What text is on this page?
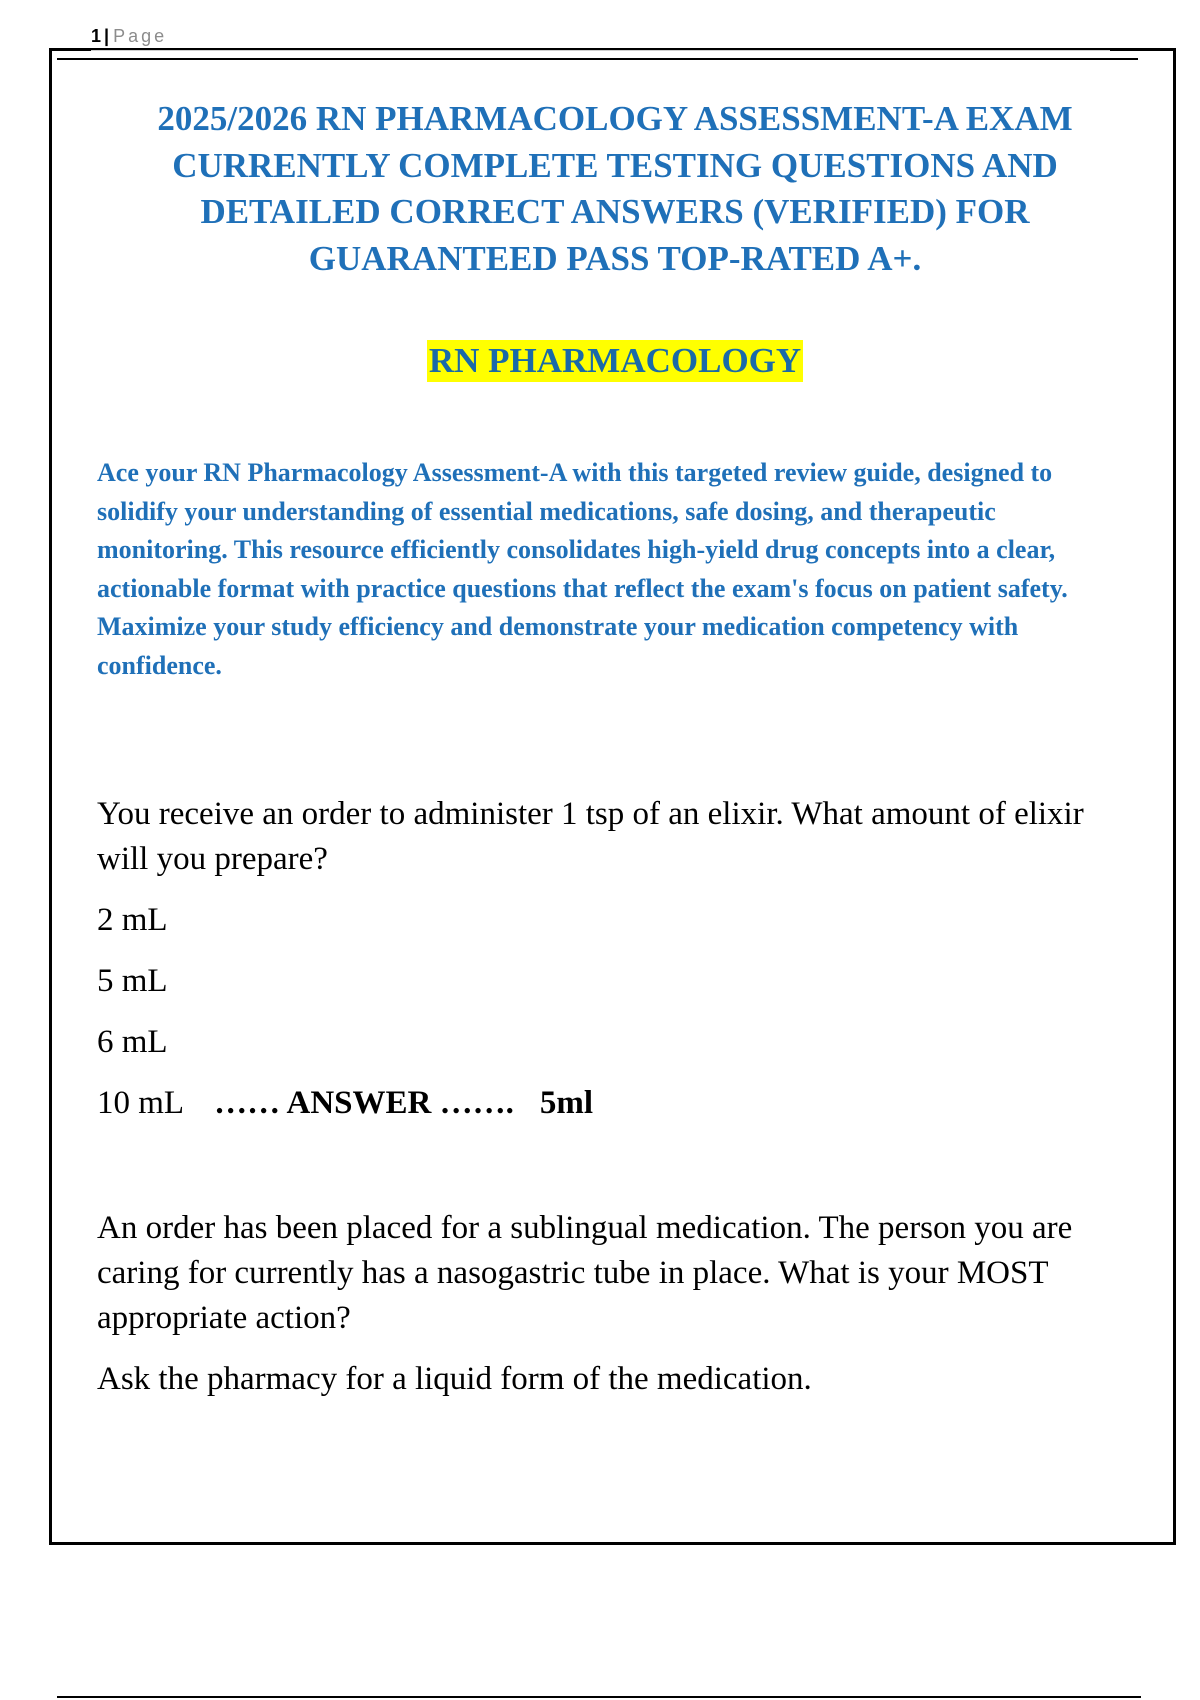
1 | Page
2025/2026 RN PHARMACOLOGY ASSESSMENT-A EXAM CURRENTLY COMPLETE TESTING QUESTIONS AND DETAILED CORRECT ANSWERS (VERIFIED) FOR GUARANTEED PASS TOP-RATED A+.
RN PHARMACOLOGY

Ace your RN Pharmacology Assessment-A with this targeted review guide, designed to solidify your understanding of essential medications, safe dosing, and therapeutic monitoring. This resource efficiently consolidates high-yield drug concepts into a clear, actionable format with practice questions that reflect the exam's focus on patient safety. Maximize your study efficiency and demonstrate your medication competency with confidence.

You receive an order to administer 1 tsp of an elixir. What amount of elixir will you prepare?

2 mL

5 mL

6 mL

10 mL …… ANSWER ……. 5ml

An order has been placed for a sublingual medication. The person you are caring for currently has a nasogastric tube in place. What is your MOST appropriate action?

Ask the pharmacy for a liquid form of the medication.
